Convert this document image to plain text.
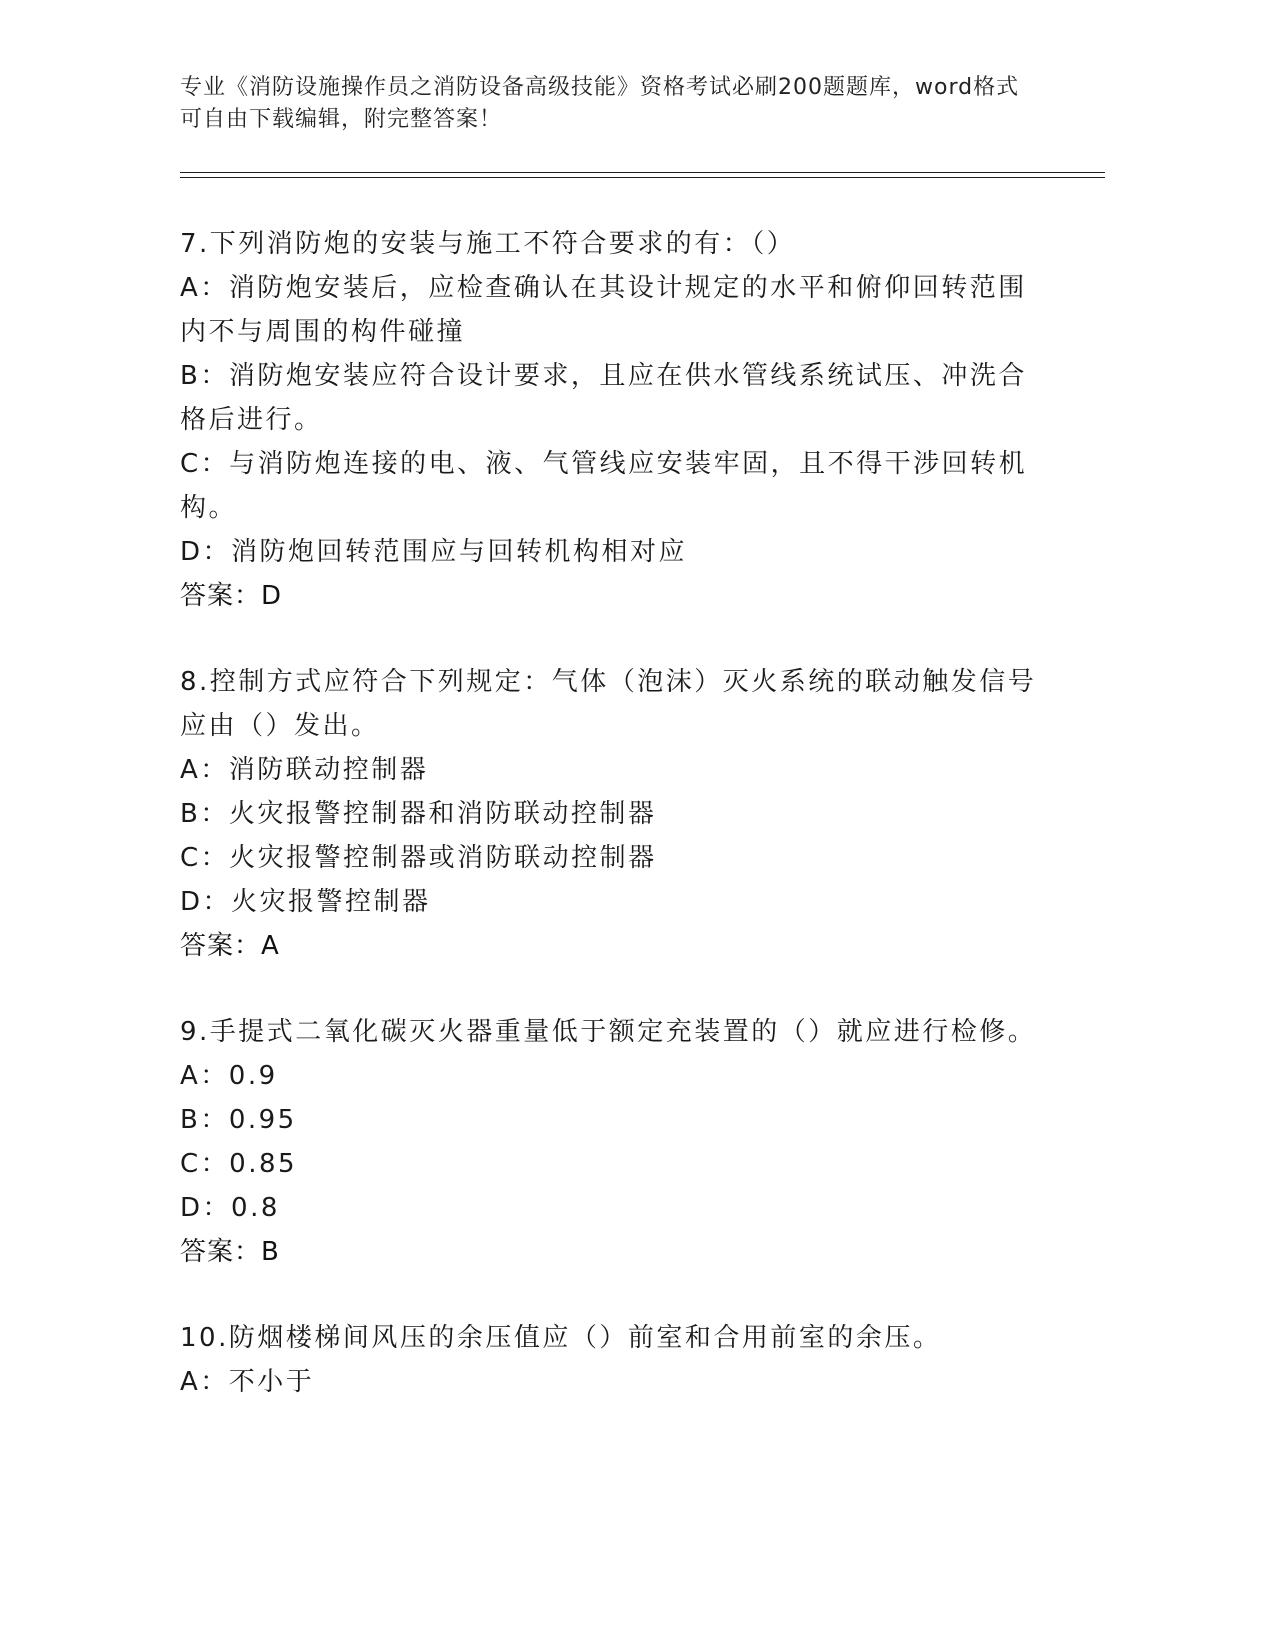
专业《消防设施操作员之消防设备高级技能》资格考试必刷200题题库，word格式可自由下载编辑，附完整答案！

7.下列消防炮的安装与施工不符合要求的有：（）

A：消防炮安装后，应检查确认在其设计规定的水平和俯仰回转范围内不与周围的构件碰撞

B：消防炮安装应符合设计要求，且应在供水管线系统试压、冲洗合格后进行。

C：与消防炮连接的电、液、气管线应安装牢固，且不得干涉回转机构。

D：消防炮回转范围应与回转机构相对应

答案：D

8.控制方式应符合下列规定：气体（泡沫）灭火系统的联动触发信号应由（）发出。

A：消防联动控制器

B：火灾报警控制器和消防联动控制器

C：火灾报警控制器或消防联动控制器

D：火灾报警控制器

答案：A

9.手提式二氧化碳灭火器重量低于额定充装置的（）就应进行检修。

A：0.9

B：0.95

C：0.85

D：0.8

答案：B

10.防烟楼梯间风压的余压值应（）前室和合用前室的余压。

A：不小于
